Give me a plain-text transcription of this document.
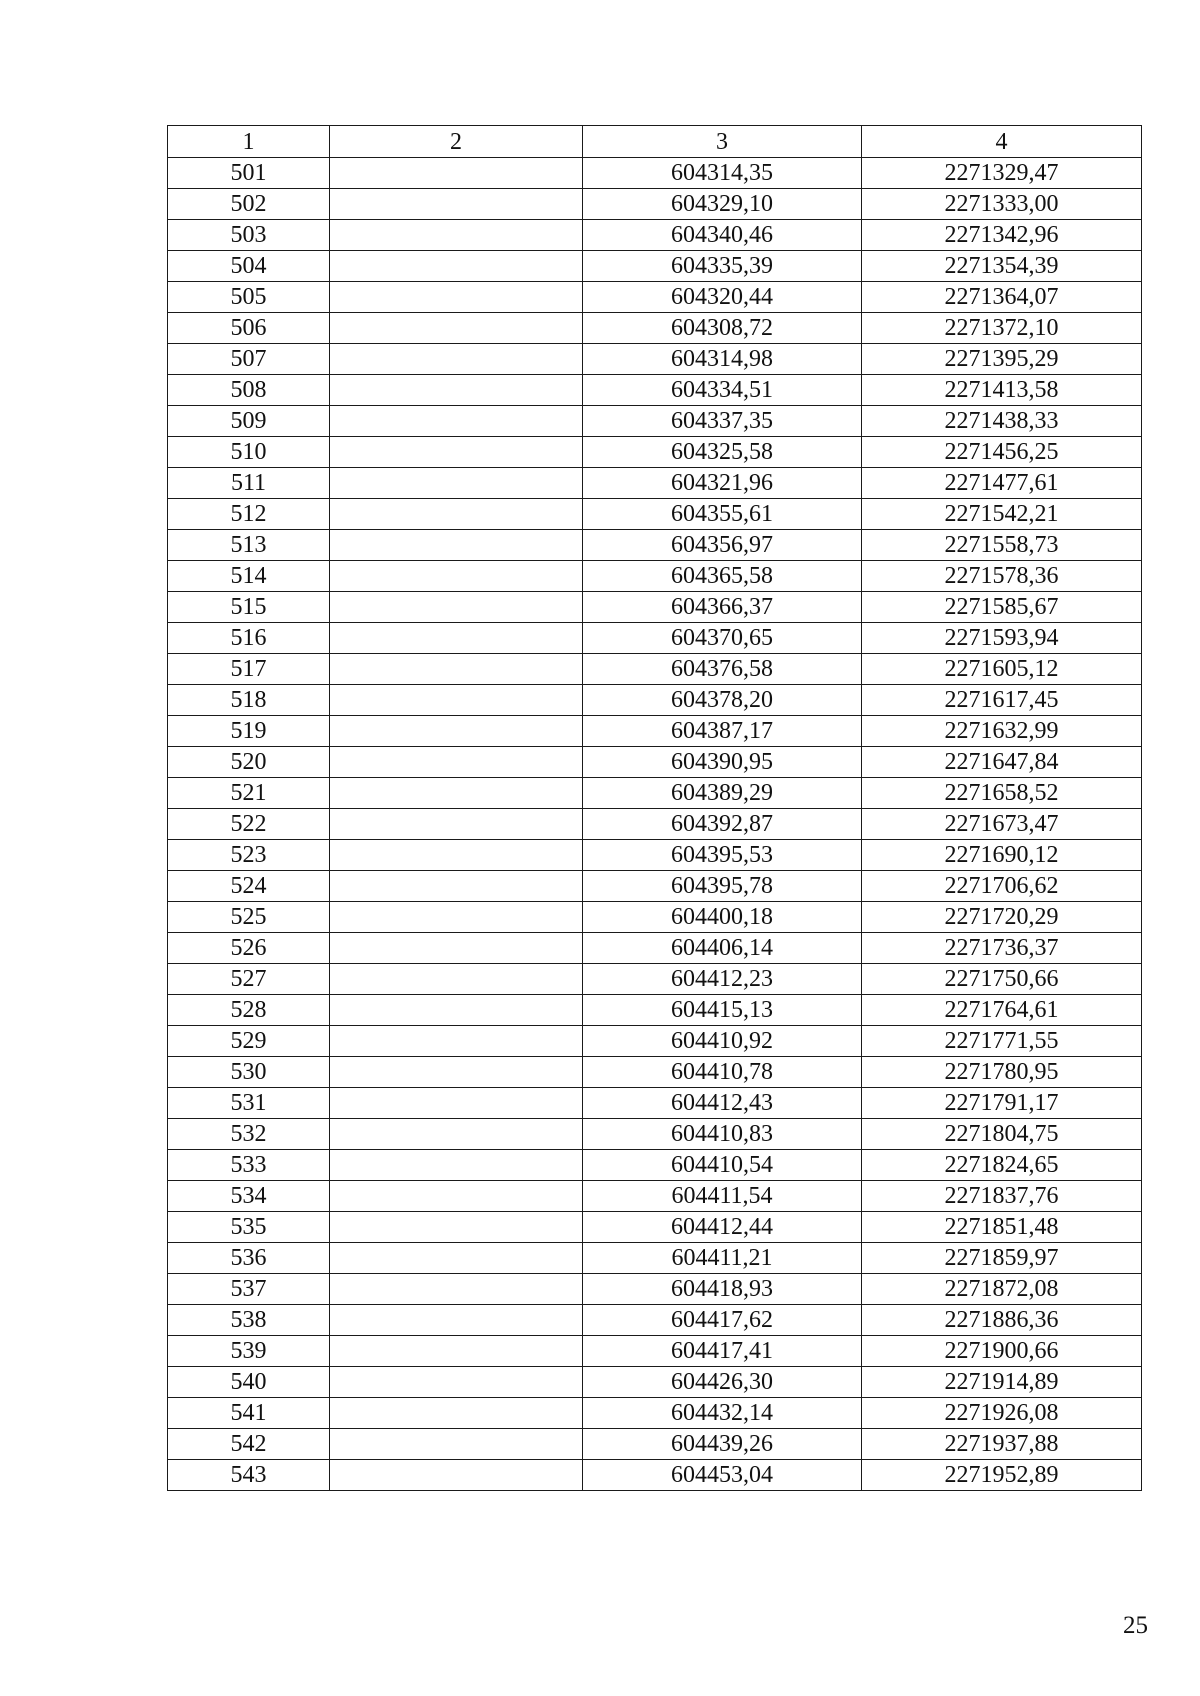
1	2	3	4
501		604314,35	2271329,47
502		604329,10	2271333,00
503		604340,46	2271342,96
504		604335,39	2271354,39
505		604320,44	2271364,07
506		604308,72	2271372,10
507		604314,98	2271395,29
508		604334,51	2271413,58
509		604337,35	2271438,33
510		604325,58	2271456,25
511		604321,96	2271477,61
512		604355,61	2271542,21
513		604356,97	2271558,73
514		604365,58	2271578,36
515		604366,37	2271585,67
516		604370,65	2271593,94
517		604376,58	2271605,12
518		604378,20	2271617,45
519		604387,17	2271632,99
520		604390,95	2271647,84
521		604389,29	2271658,52
522		604392,87	2271673,47
523		604395,53	2271690,12
524		604395,78	2271706,62
525		604400,18	2271720,29
526		604406,14	2271736,37
527		604412,23	2271750,66
528		604415,13	2271764,61
529		604410,92	2271771,55
530		604410,78	2271780,95
531		604412,43	2271791,17
532		604410,83	2271804,75
533		604410,54	2271824,65
534		604411,54	2271837,76
535		604412,44	2271851,48
536		604411,21	2271859,97
537		604418,93	2271872,08
538		604417,62	2271886,36
539		604417,41	2271900,66
540		604426,30	2271914,89
541		604432,14	2271926,08
542		604439,26	2271937,88
543		604453,04	2271952,89
25
